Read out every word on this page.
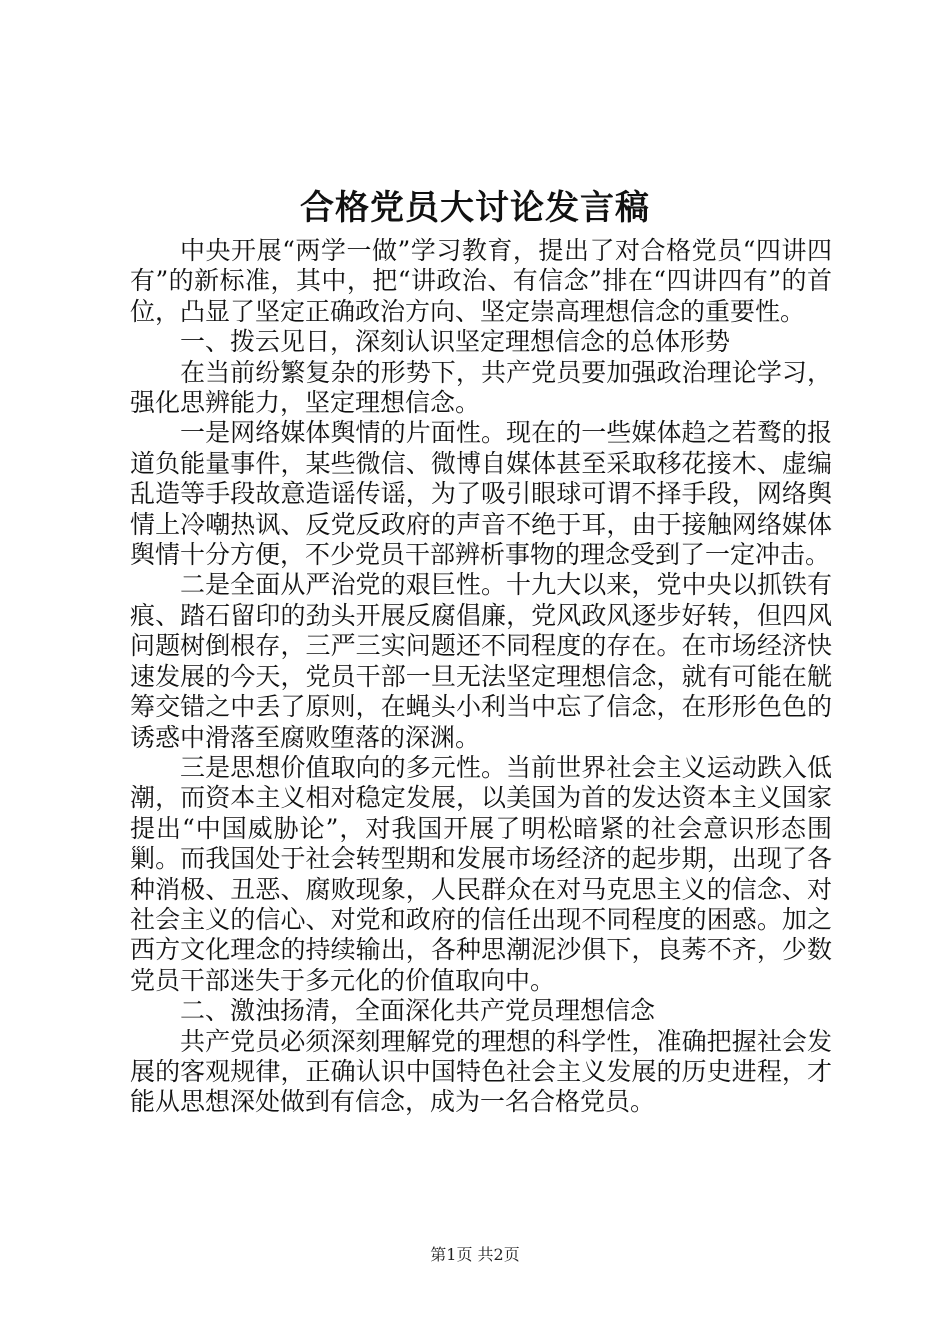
合格党员大讨论发言稿

中央开展“两学一做”学习教育，提出了对合格党员“四讲四有”的新标准，其中，把“讲政治、有信念”排在“四讲四有”的首位，凸显了坚定正确政治方向、坚定崇高理想信念的重要性。

一、拨云见日，深刻认识坚定理想信念的总体形势

在当前纷繁复杂的形势下，共产党员要加强政治理论学习，强化思辨能力，坚定理想信念。

一是网络媒体舆情的片面性。现在的一些媒体趋之若鹜的报道负能量事件，某些微信、微博自媒体甚至采取移花接木、虚编乱造等手段故意造谣传谣，为了吸引眼球可谓不择手段，网络舆情上冷嘲热讽、反党反政府的声音不绝于耳，由于接触网络媒体舆情十分方便，不少党员干部辨析事物的理念受到了一定冲击。

二是全面从严治党的艰巨性。十九大以来，党中央以抓铁有痕、踏石留印的劲头开展反腐倡廉，党风政风逐步好转，但四风问题树倒根存，三严三实问题还不同程度的存在。在市场经济快速发展的今天，党员干部一旦无法坚定理想信念，就有可能在觥筹交错之中丢了原则，在蝇头小利当中忘了信念，在形形色色的诱惑中滑落至腐败堕落的深渊。

三是思想价值取向的多元性。当前世界社会主义运动跌入低潮，而资本主义相对稳定发展，以美国为首的发达资本主义国家提出“中国威胁论”，对我国开展了明松暗紧的社会意识形态围剿。而我国处于社会转型期和发展市场经济的起步期，出现了各种消极、丑恶、腐败现象，人民群众在对马克思主义的信念、对社会主义的信心、对党和政府的信任出现不同程度的困惑。加之西方文化理念的持续输出，各种思潮泥沙俱下，良莠不齐，少数党员干部迷失于多元化的价值取向中。

二、激浊扬清，全面深化共产党员理想信念

共产党员必须深刻理解党的理想的科学性，准确把握社会发展的客观规律，正确认识中国特色社会主义发展的历史进程，才能从思想深处做到有信念，成为一名合格党员。

第1页 共2页
